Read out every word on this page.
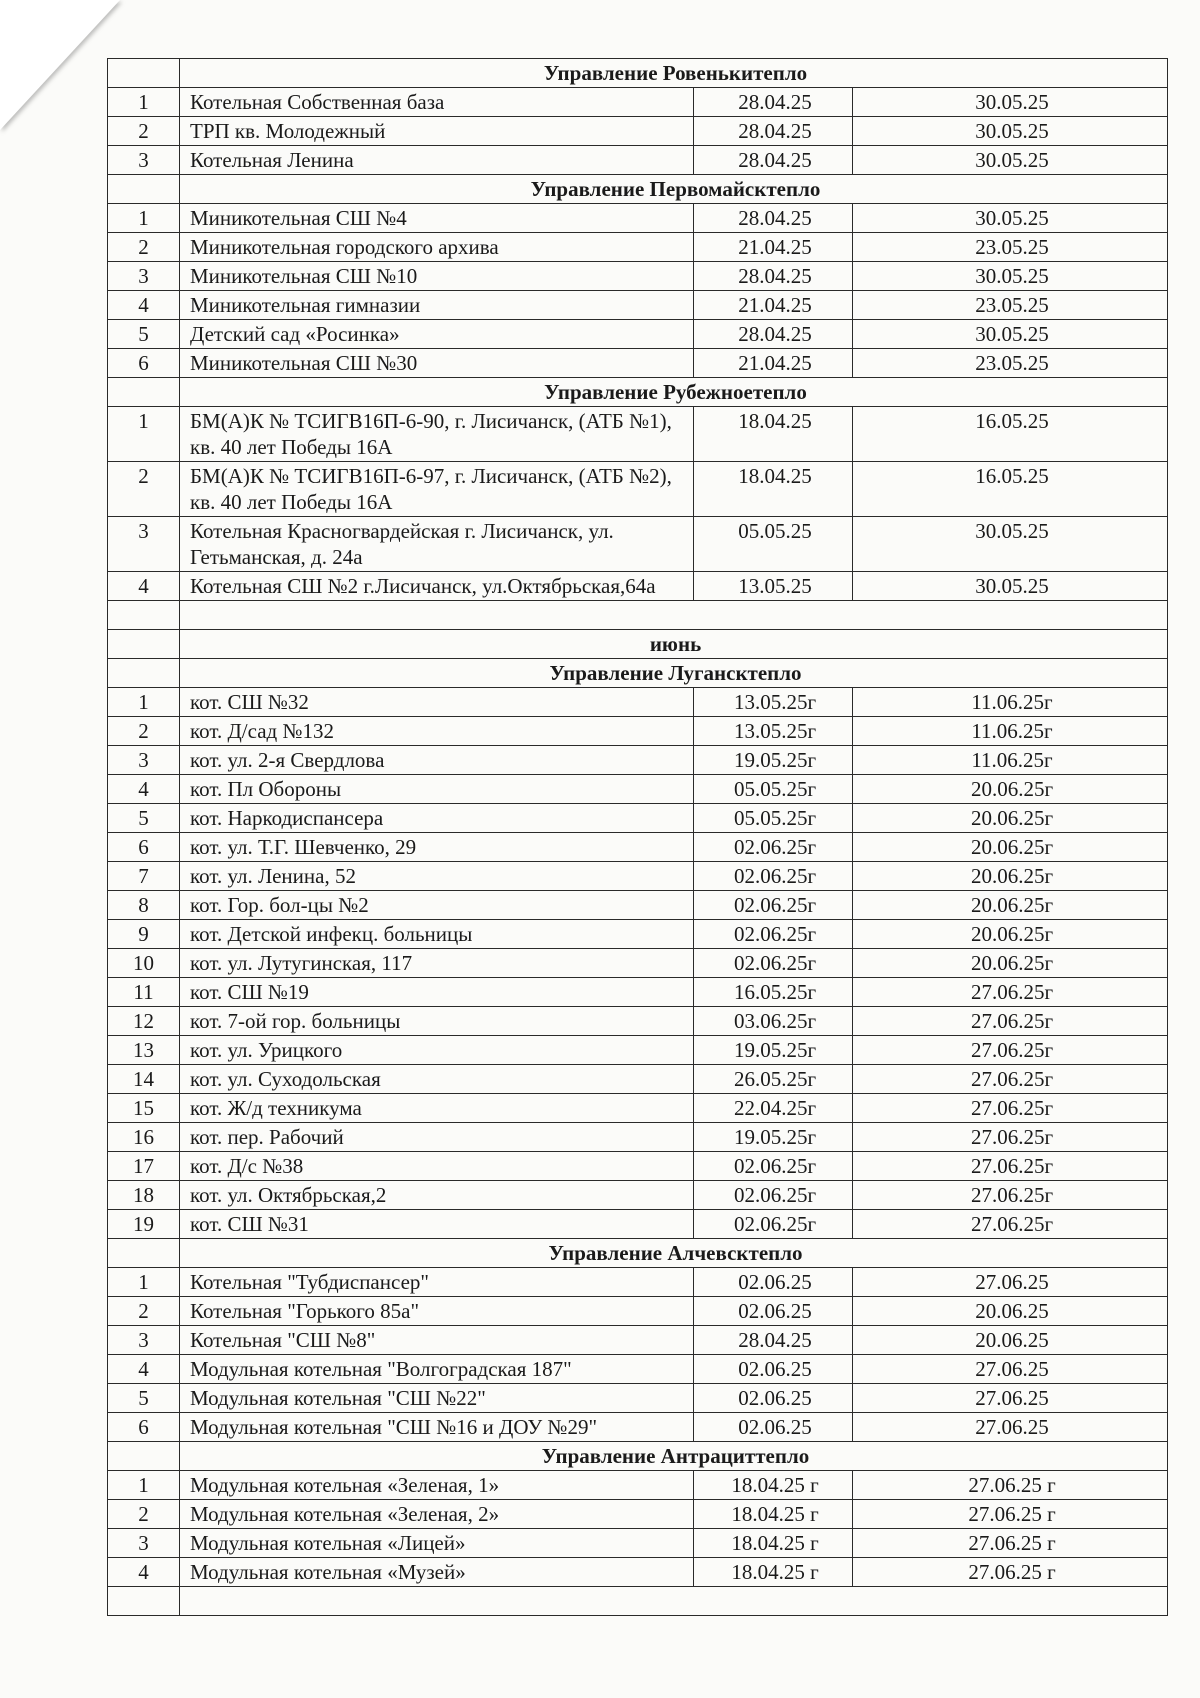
	Управление Ровенькитепло		
1	Котельная Собственная база	28.04.25	30.05.25
2	ТРП кв. Молодежный	28.04.25	30.05.25
3	Котельная Ленина	28.04.25	30.05.25
	Управление Первомайсктепло		
1	Миникотельная СШ №4	28.04.25	30.05.25
2	Миникотельная городского архива	21.04.25	23.05.25
3	Миникотельная СШ №10	28.04.25	30.05.25
4	Миникотельная гимназии	21.04.25	23.05.25
5	Детский сад «Росинка»	28.04.25	30.05.25
6	Миникотельная СШ №30	21.04.25	23.05.25
	Управление Рубежноетепло		
1	БМ(А)К № ТСИГВ16П-6-90, г. Лисичанск, (АТБ №1), кв. 40 лет Победы 16А	18.04.25	16.05.25
2	БМ(А)К № ТСИГВ16П-6-97, г. Лисичанск, (АТБ №2), кв. 40 лет Победы 16А	18.04.25	16.05.25
3	Котельная Красногвардейская г. Лисичанск, ул. Гетьманская, д. 24а	05.05.25	30.05.25
4	Котельная СШ №2 г.Лисичанск, ул.Октябрьская,64а	13.05.25	30.05.25

	июнь		
	Управление Луганcктепло		
1	кот. СШ №32	13.05.25г	11.06.25г
2	кот. Д/сад №132	13.05.25г	11.06.25г
3	кот. ул. 2-я Свердлова	19.05.25г	11.06.25г
4	кот. Пл Обороны	05.05.25г	20.06.25г
5	кот. Наркодиспансера	05.05.25г	20.06.25г
6	кот. ул. Т.Г. Шевченко, 29	02.06.25г	20.06.25г
7	кот. ул. Ленина, 52	02.06.25г	20.06.25г
8	кот. Гор. бол-цы №2	02.06.25г	20.06.25г
9	кот. Детской инфекц. больницы	02.06.25г	20.06.25г
10	кот. ул. Лутугинская, 117	02.06.25г	20.06.25г
11	кот. СШ №19	16.05.25г	27.06.25г
12	кот. 7-ой гор. больницы	03.06.25г	27.06.25г
13	кот. ул. Урицкого	19.05.25г	27.06.25г
14	кот. ул. Суходольская	26.05.25г	27.06.25г
15	кот. Ж/д техникума	22.04.25г	27.06.25г
16	кот. пер. Рабочий	19.05.25г	27.06.25г
17	кот. Д/с №38	02.06.25г	27.06.25г
18	кот. ул. Октябрьская,2	02.06.25г	27.06.25г
19	кот. СШ №31	02.06.25г	27.06.25г
	Управление Алчевсктепло		
1	Котельная "Тубдиспансер"	02.06.25	27.06.25
2	Котельная "Горького 85а"	02.06.25	20.06.25
3	Котельная "СШ №8"	28.04.25	20.06.25
4	Модульная котельная "Волгоградская 187"	02.06.25	27.06.25
5	Модульная котельная "СШ №22"	02.06.25	27.06.25
6	Модульная котельная "СШ №16 и ДОУ №29"	02.06.25	27.06.25
	Управление Антрациттепло		
1	Модульная котельная «Зеленая, 1»	18.04.25 г	27.06.25 г
2	Модульная котельная «Зеленая, 2»	18.04.25 г	27.06.25 г
3	Модульная котельная «Лицей»	18.04.25 г	27.06.25 г
4	Модульная котельная «Музей»	18.04.25 г	27.06.25 г
